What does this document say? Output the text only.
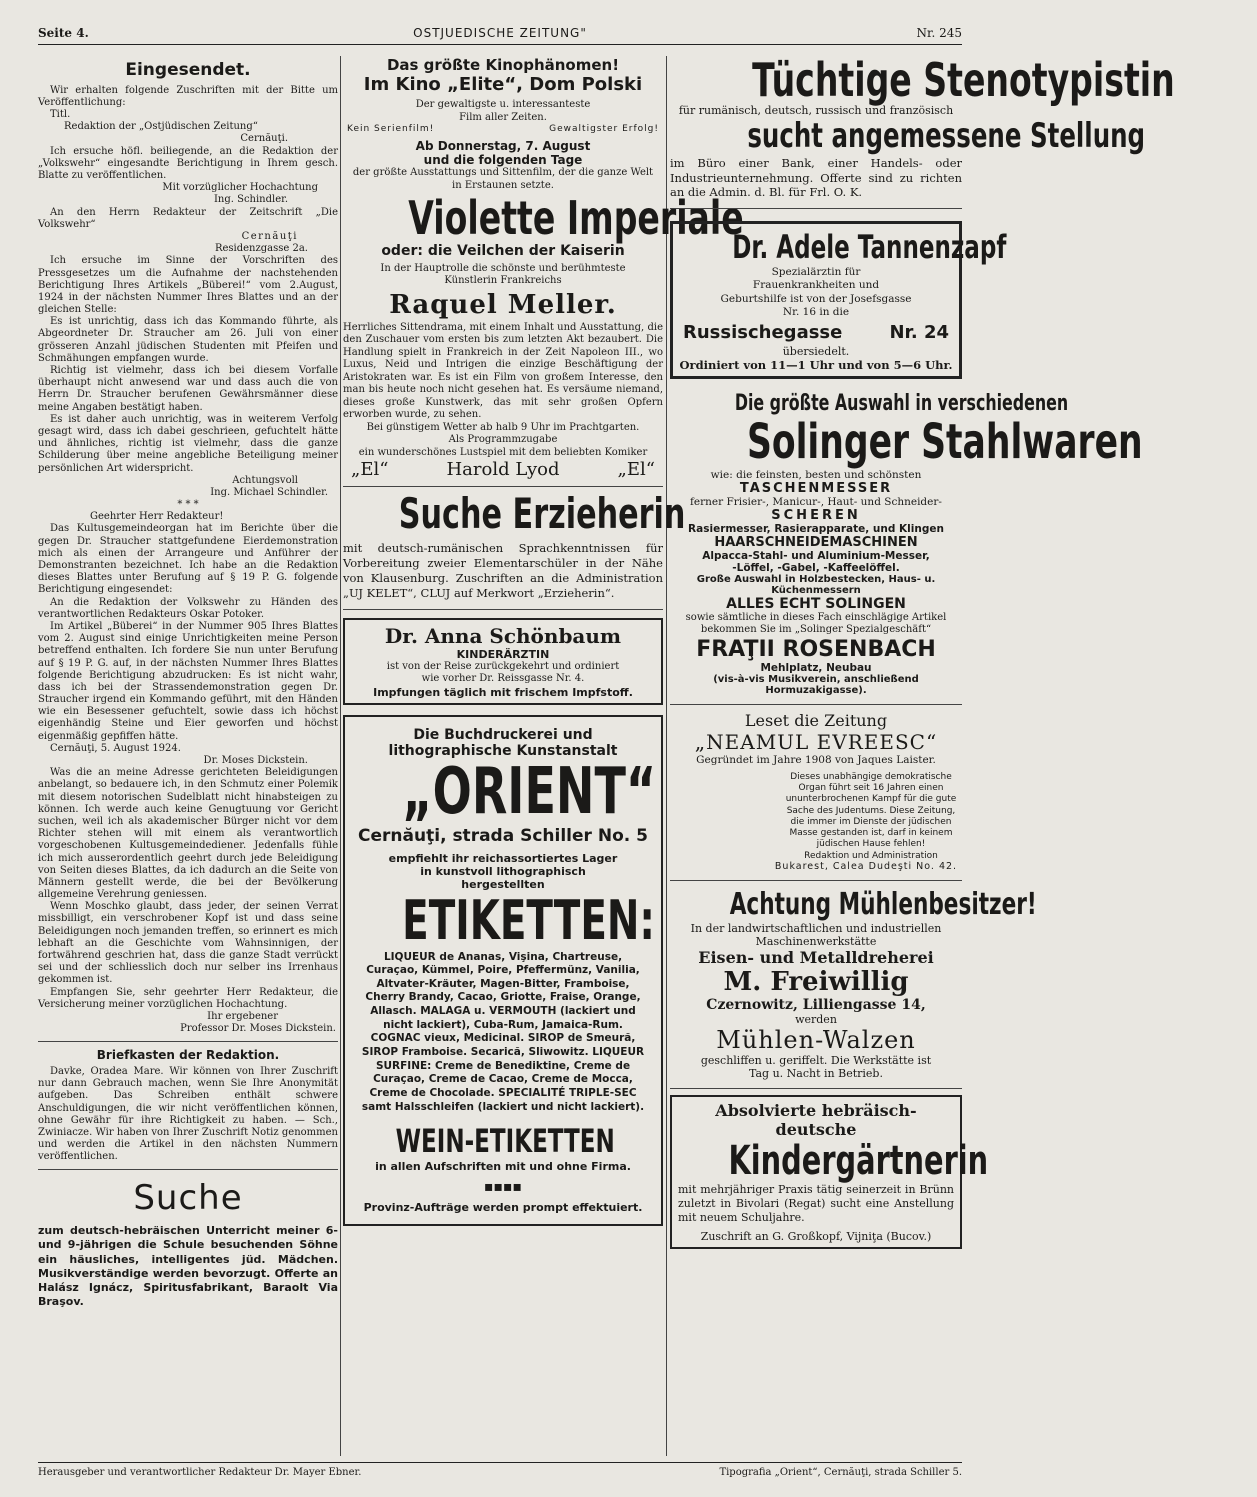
Seite 4.	OSTJUEDISCHE ZEITUNG"	Nr. 245

Eingesendet.

Wir erhalten folgende Zuschriften mit der Bitte um Veröffentlichung:

Titl.

Redaktion der „Ostjüdischen Zeitung“

Cernăuţi.

Ich ersuche höfl. beiliegende, an die Redaktion der „Volkswehr“ eingesandte Berichtigung in Ihrem gesch. Blatte zu veröffentlichen.

Mit vorzüglicher Hochachtung

Ing. Schindler.

An den Herrn Redakteur der Zeitschrift „Die Volkswehr“

Cernăuţi

Residenzgasse 2a.

Ich ersuche im Sinne der Vorschriften des Pressgesetzes um die Aufnahme der nachstehenden Berichtigung Ihres Artikels „Büberei!“ vom 2.August, 1924 in der nächsten Nummer Ihres Blattes und an der gleichen Stelle:

Es ist unrichtig, dass ich das Kommando führte, als Abgeordneter Dr. Straucher am 26. Juli von einer grösseren Anzahl jüdischen Studenten mit Pfeifen und Schmähungen empfangen wurde.

Richtig ist vielmehr, dass ich bei diesem Vorfalle überhaupt nicht anwesend war und dass auch die von Herrn Dr. Straucher berufenen Gewährsmänner diese meine Angaben bestätigt haben.

Es ist daher auch unrichtig, was in weiterem Verfolg gesagt wird, dass ich dabei geschrieen, gefuchtelt hätte und ähnliches, richtig ist vielmehr, dass die ganze Schilderung über meine angebliche Beteiligung meiner persönlichen Art widerspricht.

Achtungsvoll

Ing. Michael Schindler.

* * *

Geehrter Herr Redakteur!

Das Kultusgemeindeorgan hat im Berichte über die gegen Dr. Straucher stattgefundene Eierdemonstration mich als einen der Arrangeure und Anführer der Demonstranten bezeichnet. Ich habe an die Redaktion dieses Blattes unter Berufung auf § 19 P. G. folgende Berichtigung eingesendet:

An die Redaktion der Volkswehr zu Händen des verantwortlichen Redakteurs Oskar Potoker.

Im Artikel „Büberei“ in der Nummer 905 Ihres Blattes vom 2. August sind einige Unrichtigkeiten meine Person betreffend enthalten. Ich fordere Sie nun unter Berufung auf § 19 P. G. auf, in der nächsten Nummer Ihres Blattes folgende Berichtigung abzudrucken: Es ist nicht wahr, dass ich bei der Strassendemonstration gegen Dr. Straucher irgend ein Kommando geführt, mit den Händen wie ein Besessener gefuchtelt, sowie dass ich höchst eigenhändig Steine und Eier geworfen und höchst eigenmäßig gepfiffen hätte.

Cernăuţi, 5. August 1924.

Dr. Moses Dickstein.

Was die an meine Adresse gerichteten Beleidigungen anbelangt, so bedauere ich, in den Schmutz einer Polemik mit diesem notorischen Sudelblatt nicht hinabsteigen zu können. Ich werde auch keine Genugtuung vor Gericht suchen, weil ich als akademischer Bürger nicht vor dem Richter stehen will mit einem als verantwortlich vorgeschobenen Kultusgemeindediener. Jedenfalls fühle ich mich ausserordentlich geehrt durch jede Beleidigung von Seiten dieses Blattes, da ich dadurch an die Seite von Männern gestellt werde, die bei der Bevölkerung allgemeine Verehrung geniessen.

Wenn Moschko glaubt, dass jeder, der seinen Verrat missbilligt, ein verschrobener Kopf ist und dass seine Beleidigungen noch jemanden treffen, so erinnert es mich lebhaft an die Geschichte vom Wahnsinnigen, der fortwährend geschrien hat, dass die ganze Stadt verrückt sei und der schliesslich doch nur selber ins Irrenhaus gekommen ist.

Empfangen Sie, sehr geehrter Herr Redakteur, die Versicherung meiner vorzüglichen Hochachtung.

Ihr ergebener

Professor Dr. Moses Dickstein.

Briefkasten der Redaktion.

Davke, Oradea Mare. Wir können von Ihrer Zuschrift nur dann Gebrauch machen, wenn Sie Ihre Anonymität aufgeben. Das Schreiben enthält schwere Anschuldigungen, die wir nicht veröffentlichen können, ohne Gewähr für ihre Richtigkeit zu haben. — Sch., Zwiniacze. Wir haben von Ihrer Zuschrift Notiz genommen und werden die Artikel in den nächsten Nummern veröffentlichen.

Suche

zum deutsch-hebräischen Unterricht meiner 6- und 9-jährigen die Schule besuchenden Söhne ein häusliches, intelligentes jüd. Mädchen. Musikverständige werden bevorzugt. Offerte an Halász Ignácz, Spiritusfabrikant, Baraolt Via Braşov.

Das größte Kinophänomen!
Im Kino „Elite“, Dom Polski
Der gewaltigste u. interessanteste Film aller Zeiten.
Kein Serienfilm!	Gewaltigster Erfolg!
Ab Donnerstag, 7. August
und die folgenden Tage
der größte Ausstattungs und Sittenfilm, der die ganze Welt in Erstaunen setzte.
Violette Imperiale
oder: die Veilchen der Kaiserin
In der Hauptrolle die schönste und berühmteste Künstlerin Frankreichs
Raquel Meller.
Herrliches Sittendrama, mit einem Inhalt und Ausstattung, die den Zuschauer vom ersten bis zum letzten Akt bezaubert. Die Handlung spielt in Frankreich in der Zeit Napoleon III., wo Luxus, Neid und Intrigen die einzige Beschäftigung der Aristokraten war. Es ist ein Film von großem Interesse, den man bis heute noch nicht gesehen hat. Es versäume niemand, dieses große Kunstwerk, das mit sehr großen Opfern erworben wurde, zu sehen.
Bei günstigem Wetter ab halb 9 Uhr im Prachtgarten.
Als Programmzugabe
ein wunderschönes Lustspiel mit dem beliebten Komiker
„El“	Harold Lyod	„El“
Suche Erzieherin
mit deutsch-rumänischen Sprachkenntnissen für Vorbereitung zweier Elementarschüler in der Nähe von Klausenburg. Zuschriften an die Administration „UJ KELET“, CLUJ auf Merkwort „Erzieherin“.
Dr. Anna Schönbaum
KINDERÄRZTIN
ist von der Reise zurückgekehrt und ordiniert
wie vorher Dr. Reissgasse Nr. 4.
Impfungen täglich mit frischem Impfstoff.
Die Buchdruckerei und
lithographische Kunstanstalt
„ORIENT“
Cernăuţi, strada Schiller No. 5
empfiehlt ihr reichassortiertes Lager in kunstvoll lithographisch hergestellten
ETIKETTEN:
LIQUEUR de Ananas, Vişina, Chartreuse, Curaçao, Kümmel, Poire, Pfeffermünz, Vanilia, Altvater-Kräuter, Magen-Bitter, Framboise, Cherry Brandy, Cacao, Griotte, Fraise, Orange, Allasch. MALAGA u. VERMOUTH (lackiert und nicht lackiert), Cuba-Rum, Jamaica-Rum. COGNAC vieux, Medicinal. SIROP de Smeură, SIROP Framboise. Secarică, Sliwowitz. LIQUEUR SURFINE: Creme de Benediktine, Creme de Curaçao, Creme de Cacao, Creme de Mocca, Creme de Chocolade. SPECIALITÉ TRIPLE-SEC samt Halsschleifen (lackiert und nicht lackiert).
WEIN-ETIKETTEN
in allen Aufschriften mit und ohne Firma.
▪▪▪▪
Provinz-Aufträge werden prompt effektuiert.
Tüchtige Stenotypistin
für rumänisch, deutsch, russisch und französisch
sucht angemessene Stellung
im Büro einer Bank, einer Handels- oder Industrieunternehmung. Offerte sind zu richten an die Admin. d. Bl. für Frl. O. K.
Dr. Adele Tannenzapf
Spezialärztin für Frauenkrankheiten und Geburtshilfe ist von der Josefsgasse Nr. 16 in die
Russischegasse	Nr. 24
übersiedelt.
Ordiniert von 11—1 Uhr und von 5—6 Uhr.
Die größte Auswahl in verschiedenen
Solinger Stahlwaren
wie: die feinsten, besten und schönsten
TASCHENMESSER
ferner Frisier-, Manicur-, Haut- und Schneider-
SCHEREN
Rasiermesser, Rasierapparate, und Klingen
HAARSCHNEIDEMASCHINEN
Alpacca-Stahl- und Aluminium-Messer, -Löffel, -Gabel, -Kaffeelöffel.
Große Auswahl in Holzbestecken, Haus- u. Küchenmessern
ALLES ECHT SOLINGEN
sowie sämtliche in dieses Fach einschlägige Artikel bekommen Sie im „Solinger Spezialgeschäft“
FRAŢII ROSENBACH
Mehlplatz, Neubau
(vis-à-vis Musikverein, anschließend Hormuzakigasse).
Leset die Zeitung
„NEAMUL EVREESC“
Gegründet im Jahre 1908 von Jaques Laister.
Dieses unabhängige demokratische Organ führt seit 16 Jahren einen ununterbrochenen Kampf für die gute Sache des Judentums. Diese Zeitung, die immer im Dienste der jüdischen Masse gestanden ist, darf in keinem jüdischen Hause fehlen!
Redaktion und Administration
Bukarest, Calea Dudeşti No. 42.
Achtung Mühlenbesitzer!
In der landwirtschaftlichen und industriellen Maschinenwerkstätte
Eisen- und Metalldreherei
M. Freiwillig
Czernowitz, Lilliengasse 14,
werden
Mühlen-Walzen
geschliffen u. geriffelt. Die Werkstätte ist Tag u. Nacht in Betrieb.
Absolvierte hebräisch-deutsche
Kindergärtnerin
mit mehrjähriger Praxis tätig seinerzeit in Brünn zuletzt in Bivolari (Regat) sucht eine Anstellung mit neuem Schuljahre.
Zuschrift an G. Großkopf, Vijniţa (Bucov.)
Herausgeber und verantwortlicher Redakteur Dr. Mayer Ebner.	Tipografia „Orient“, Cernăuţi, strada Schiller 5.
